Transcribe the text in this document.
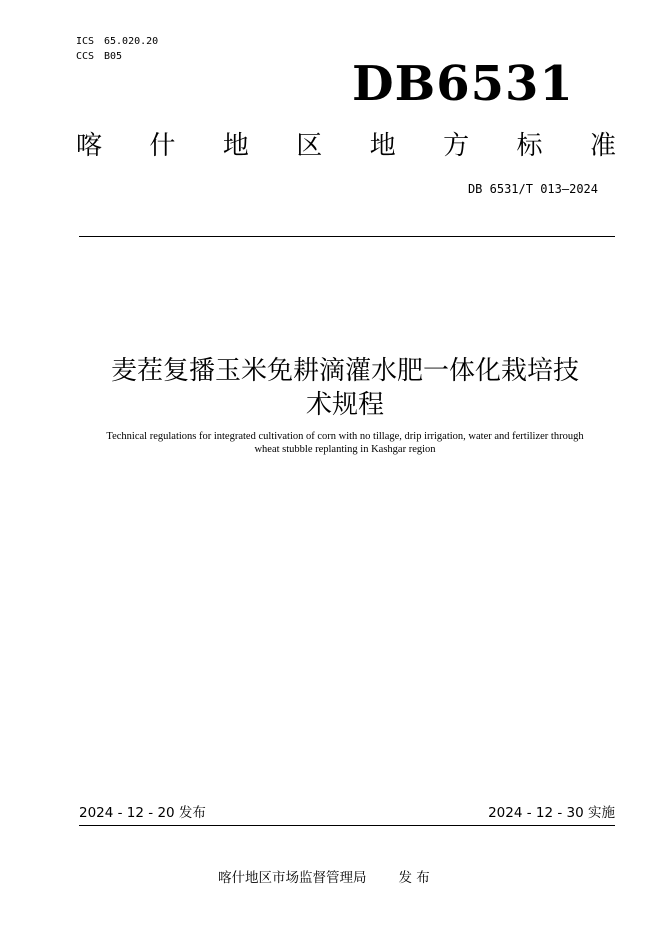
ICS 65.020.20
CCS B05	DB6531
喀 什 地 区 地 方 标 准
DB 6531/T 013—2024
麦茬复播玉米免耕滴灌水肥一体化栽培技
术规程
Technical regulations for integrated cultivation of corn with no tillage, drip irrigation, water and fertilizer through
wheat stubble replanting in Kashgar region
2024 - 12 - 20 发布	2024 - 12 - 30 实施
喀什地区市场监督管理局 发 布
